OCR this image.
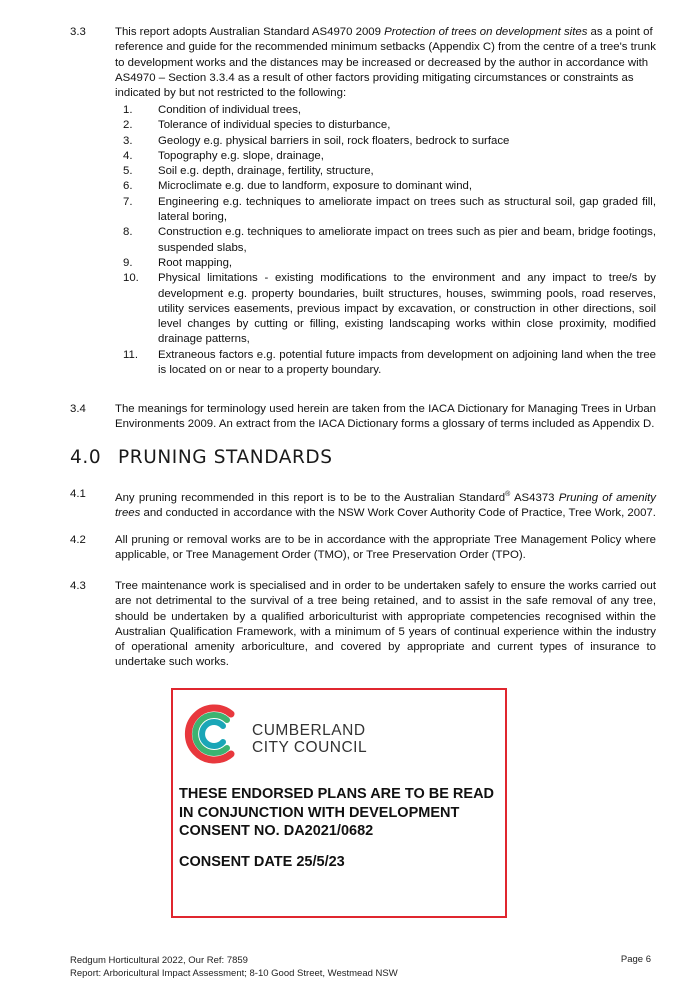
3.3	This report adopts Australian Standard AS4970 2009 Protection of trees on development sites as a point of
reference and guide for the recommended minimum setbacks (Appendix C) from the centre of a tree's trunk
to development works and the distances may be increased or decreased by the author in accordance with
AS4970 – Section 3.3.4 as a result of other factors providing mitigating circumstances or constraints as
indicated by but not restricted to the following:
1. Condition of individual trees,
2. Tolerance of individual species to disturbance,
3. Geology e.g. physical barriers in soil, rock floaters, bedrock to surface
4. Topography e.g. slope, drainage,
5. Soil e.g. depth, drainage, fertility, structure,
6. Microclimate e.g. due to landform, exposure to dominant wind,
7. Engineering e.g. techniques to ameliorate impact on trees such as structural soil, gap graded fill, lateral boring,
8. Construction e.g. techniques to ameliorate impact on trees such as pier and beam, bridge footings, suspended slabs,
9. Root mapping,
10. Physical limitations - existing modifications to the environment and any impact to tree/s by development e.g. property boundaries, built structures, houses, swimming pools, road reserves, utility services easements, previous impact by excavation, or construction in other directions, soil level changes by cutting or filling, existing landscaping works within close proximity, modified drainage patterns,
11. Extraneous factors e.g. potential future impacts from development on adjoining land when the tree is located on or near to a property boundary.
3.4	The meanings for terminology used herein are taken from the IACA Dictionary for Managing Trees in Urban Environments 2009. An extract from the IACA Dictionary forms a glossary of terms included as Appendix D.
4.0 PRUNING STANDARDS
4.1	Any pruning recommended in this report is to be to the Australian Standard® AS4373 Pruning of amenity trees and conducted in accordance with the NSW Work Cover Authority Code of Practice, Tree Work, 2007.
4.2	All pruning or removal works are to be in accordance with the appropriate Tree Management Policy where applicable, or Tree Management Order (TMO), or Tree Preservation Order (TPO).
4.3	Tree maintenance work is specialised and in order to be undertaken safely to ensure the works carried out are not detrimental to the survival of a tree being retained, and to assist in the safe removal of any tree, should be undertaken by a qualified arboriculturist with appropriate competencies recognised within the Australian Qualification Framework, with a minimum of 5 years of continual experience within the industry of operational amenity arboriculture, and covered by appropriate and current types of insurance to undertake such works.
CUMBERLAND
CITY COUNCIL
THESE ENDORSED PLANS ARE TO BE READ
IN CONJUNCTION WITH DEVELOPMENT
CONSENT NO. DA2021/0682
CONSENT DATE 25/5/23
Redgum Horticultural 2022, Our Ref: 7859
Report: Arboricultural Impact Assessment; 8-10 Good Street, Westmead NSW
Page 6
